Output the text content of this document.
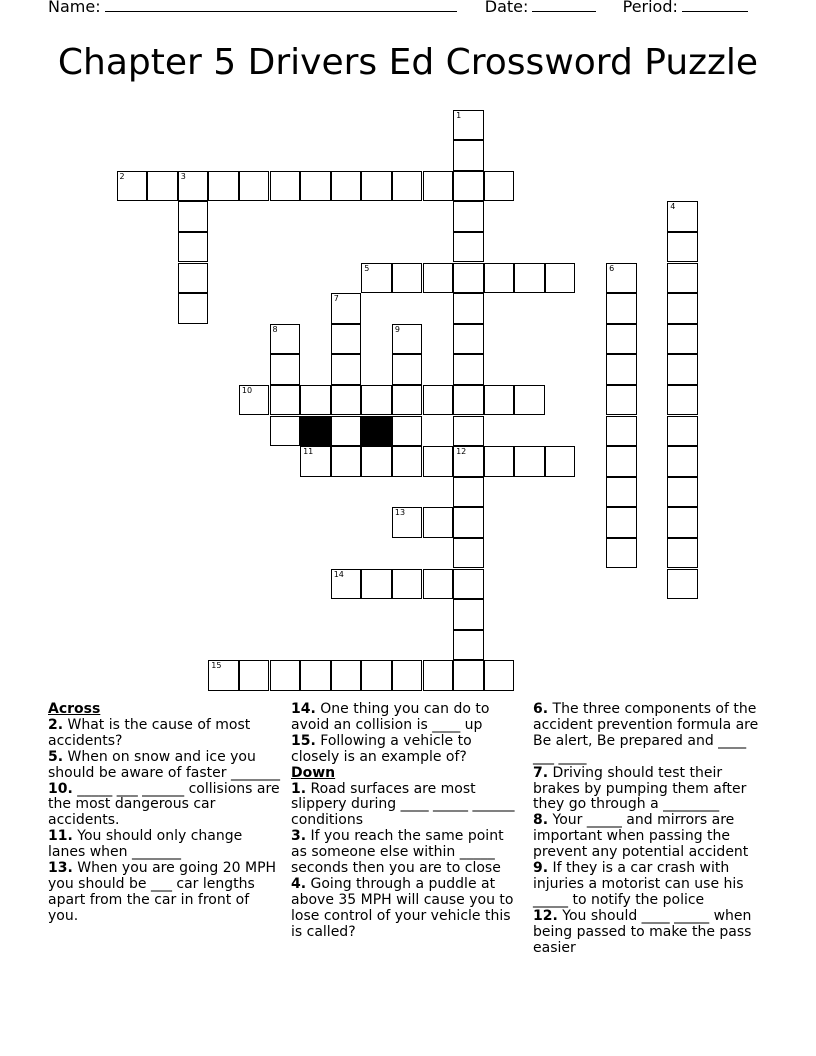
Name:	Date:	Period:
Chapter 5 Drivers Ed Crossword Puzzle
1
12
2	3
4
5	6
7
8	9
10
11
13
14
15
Across
2. What is the cause of most accidents?
5. When on snow and ice you should be aware of faster _______
10. _____ ___ ______ collisions are the most dangerous car accidents.
11. You should only change lanes when _______
13. When you are going 20 MPH you should be ___ car lengths apart from the car in front of you.
14. One thing you can do to avoid an collision is ____ up
15. Following a vehicle to closely is an example of?
Down
1. Road surfaces are most slippery during ____ _____ ______ conditions
3. If you reach the same point as someone else within _____ seconds then you are to close
4. Going through a puddle at above 35 MPH will cause you to lose control of your vehicle this is called?
6. The three components of the accident prevention formula are Be alert, Be prepared and ____ ___ ____
7. Driving should test their brakes by pumping them after they go through a ________
8. Your _____ and mirrors are important when passing the prevent any potential accident
9. If they is a car crash with injuries a motorist can use his _____ to notify the police
12. You should ____ _____ when being passed to make the pass easier
